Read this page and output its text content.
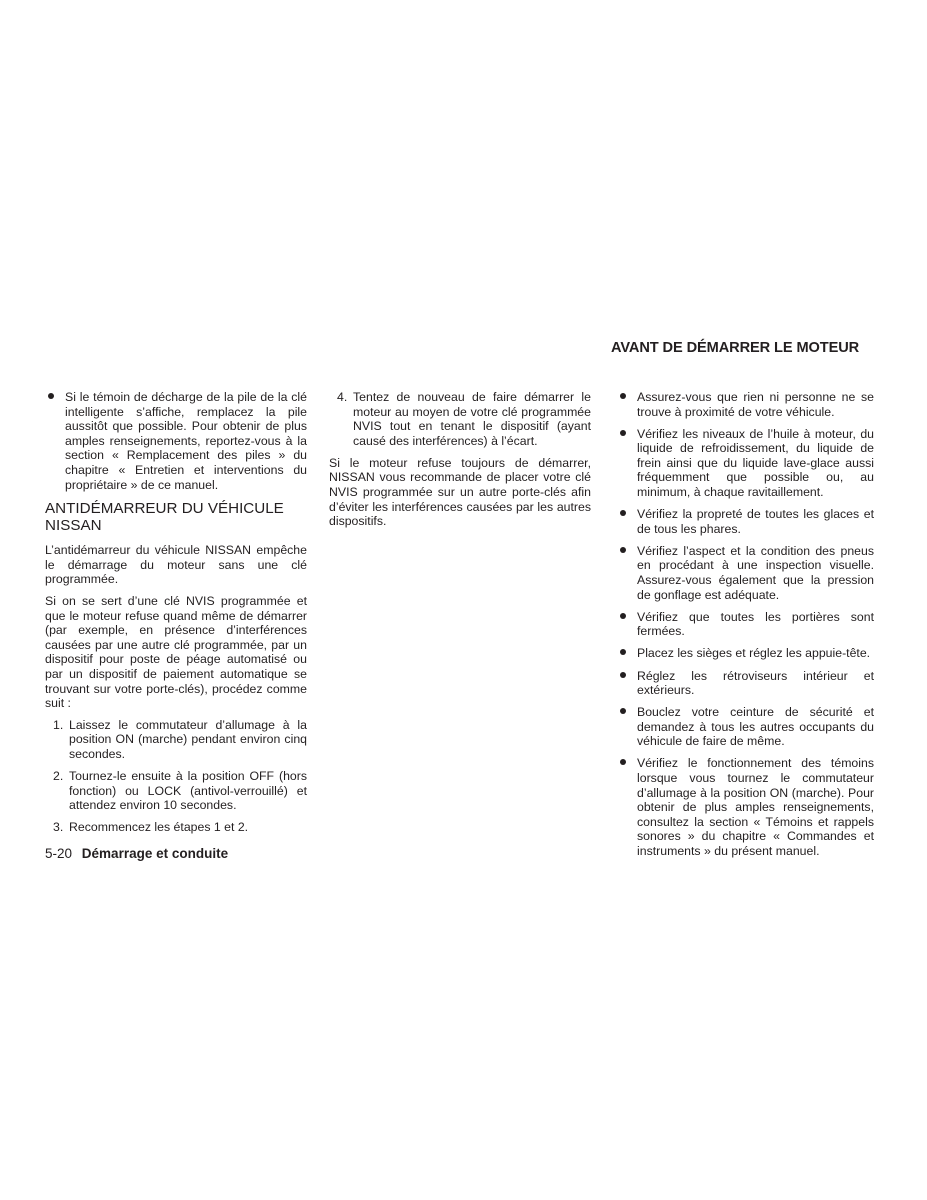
AVANT DE DÉMARRER LE MOTEUR
Si le témoin de décharge de la pile de la clé intelligente s’affiche, remplacez la pile aussitôt que possible. Pour obtenir de plus amples renseignements, reportez-vous à la section « Remplacement des piles » du chapitre « Entretien et interventions du propriétaire » de ce manuel.
ANTIDÉMARREUR DU VÉHICULE
NISSAN

L’antidémarreur du véhicule NISSAN empêche le démarrage du moteur sans une clé programmée.

Si on se sert d’une clé NVIS programmée et que le moteur refuse quand même de démarrer (par exemple, en présence d’interférences causées par une autre clé programmée, par un dispositif pour poste de péage automatisé ou par un dispositif de paiement automatique se trouvant sur votre porte-clés), procédez comme suit :

1. Laissez le commutateur d’allumage à la position ON (marche) pendant environ cinq secondes.
2. Tournez-le ensuite à la position OFF (hors fonction) ou LOCK (antivol-verrouillé) et attendez environ 10 secondes.
3. Recommencez les étapes 1 et 2.
4. Tentez de nouveau de faire démarrer le moteur au moyen de votre clé programmée NVIS tout en tenant le dispositif (ayant causé des interférences) à l’écart.

Si le moteur refuse toujours de démarrer, NISSAN vous recommande de placer votre clé NVIS programmée sur un autre porte-clés afin d’éviter les interférences causées par les autres dispositifs.

Assurez-vous que rien ni personne ne se trouve à proximité de votre véhicule.
Vérifiez les niveaux de l’huile à moteur, du liquide de refroidissement, du liquide de frein ainsi que du liquide lave-glace aussi fréquemment que possible ou, au minimum, à chaque ravitaillement.
Vérifiez la propreté de toutes les glaces et de tous les phares.
Vérifiez l’aspect et la condition des pneus en procédant à une inspection visuelle. Assurez-vous également que la pression de gonflage est adéquate.
Vérifiez que toutes les portières sont fermées.
Placez les sièges et réglez les appuie-tête.
Réglez les rétroviseurs intérieur et extérieurs.
Bouclez votre ceinture de sécurité et demandez à tous les autres occupants du véhicule de faire de même.
Vérifiez le fonctionnement des témoins lorsque vous tournez le commutateur d’allumage à la position ON (marche). Pour obtenir de plus amples renseignements, consultez la section « Témoins et rappels sonores » du chapitre « Commandes et instruments » du présent manuel.
5-20 Démarrage et conduite
